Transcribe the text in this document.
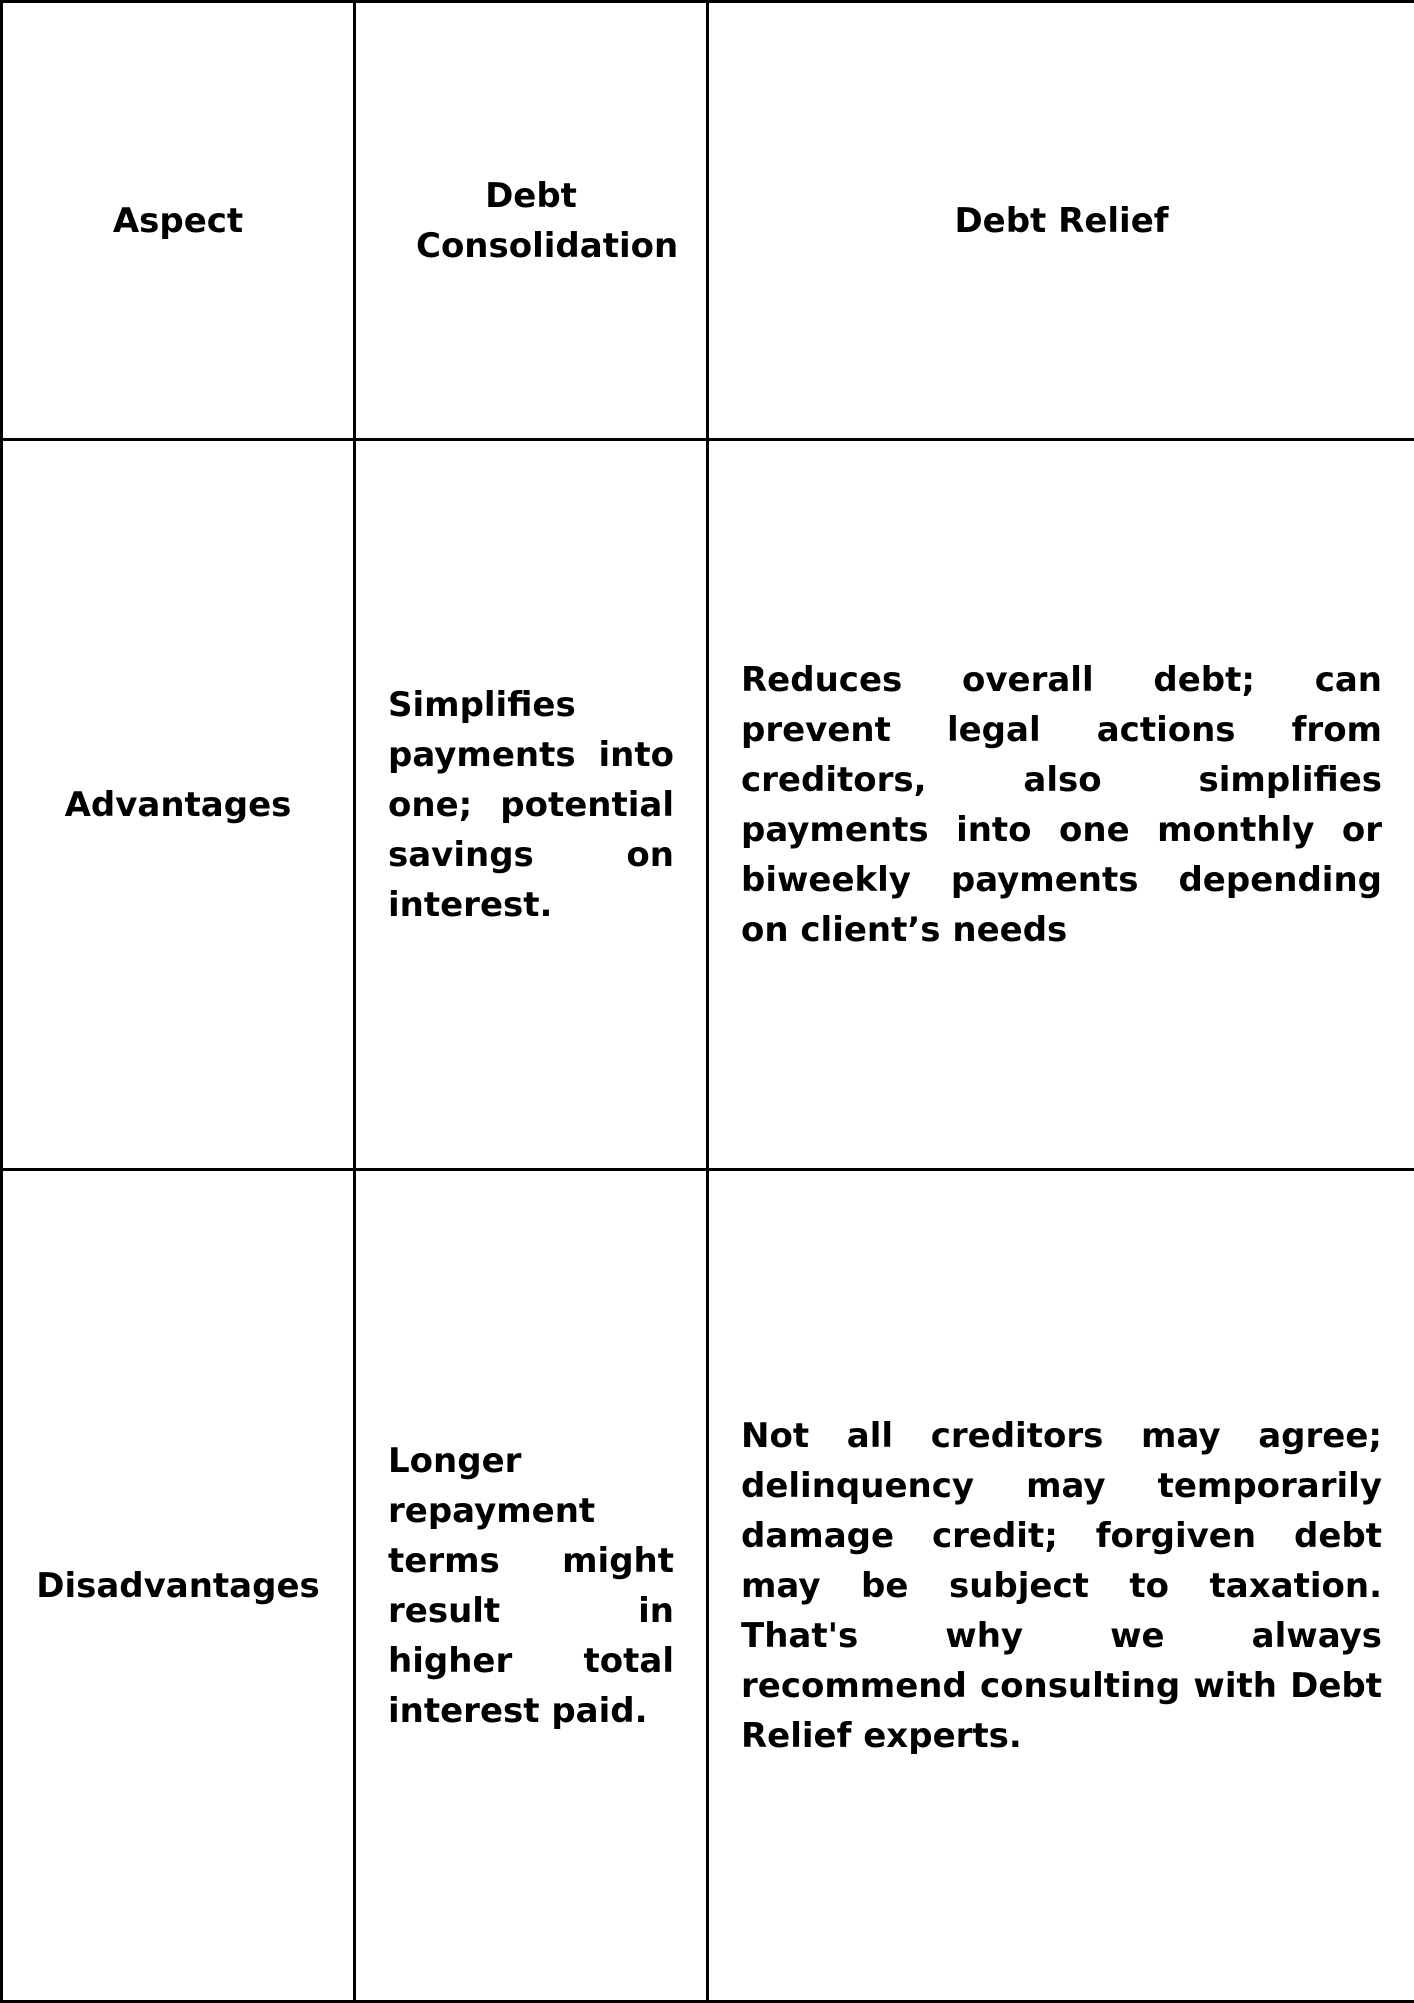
Aspect	Debt Consolidation	Debt Relief
Advantages	Simplifies payments into one; potential savings on interest.	Reduces overall debt; can prevent legal actions from creditors, also simplifies payments into one monthly or biweekly payments depending on client’s needs
Disadvantages	Longer repayment terms might result in higher total interest paid.	Not all creditors may agree; delinquency may temporarily damage credit; forgiven debt may be subject to taxation. That's why we always recommend consulting with Debt Relief experts.
